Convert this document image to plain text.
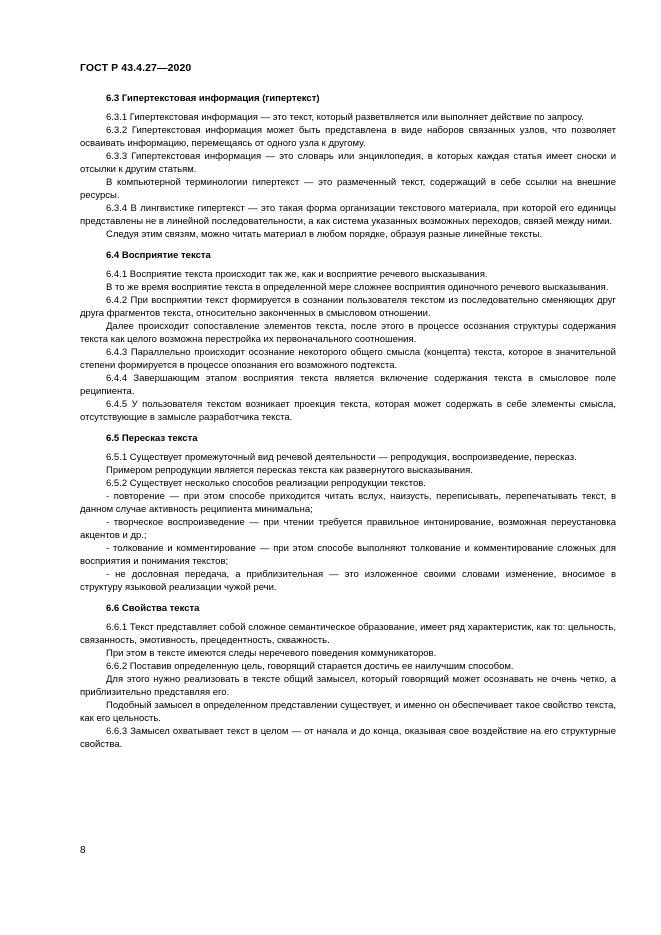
ГОСТ Р 43.4.27—2020
6.3 Гипертекстовая информация (гипертекст)

6.3.1 Гипертекстовая информация — это текст, который разветвляется или выполняет действие по запросу.

6.3.2 Гипертекстовая информация может быть представлена в виде наборов связанных узлов, что позволяет осваивать информацию, перемещаясь от одного узла к другому.

6.3.3 Гипертекстовая информация — это словарь или энциклопедия, в которых каждая статья имеет сноски и отсылки к другим статьям.

В компьютерной терминологии гипертекст — это размеченный текст, содержащий в себе ссылки на внешние ресурсы.

6.3.4 В лингвистике гипертекст — это такая форма организации текстового материала, при которой его единицы представлены не в линейной последовательности, а как система указанных возможных переходов, связей между ними.

Следуя этим связям, можно читать материал в любом порядке, образуя разные линейные тексты.

6.4 Восприятие текста

6.4.1 Восприятие текста происходит так же, как и восприятие речевого высказывания.

В то же время восприятие текста в определенной мере сложнее восприятия одиночного речевого высказывания.

6.4.2 При восприятии текст формируется в сознании пользователя текстом из последовательно сменяющих друг друга фрагментов текста, относительно законченных в смысловом отношении.

Далее происходит сопоставление элементов текста, после этого в процессе осознания структуры содержания текста как целого возможна перестройка их первоначального соотношения.

6.4.3 Параллельно происходит осознание некоторого общего смысла (концепта) текста, которое в значительной степени формируется в процессе опознания его возможного подтекста.

6.4.4 Завершающим этапом восприятия текста является включение содержания текста в смысловое поле реципиента.

6.4.5 У пользователя текстом возникает проекция текста, которая может содержать в себе элементы смысла, отсутствующие в замысле разработчика текста.

6.5 Пересказ текста

6.5.1 Существует промежуточный вид речевой деятельности — репродукция, воспроизведение, пересказ.

Примером репродукции является пересказ текста как развернутого высказывания.

6.5.2 Существует несколько способов реализации репродукции текстов.

- повторение — при этом способе приходится читать вслух, наизусть, переписывать, перепечатывать текст, в данном случае активность реципиента минимальна;

- творческое воспроизведение — при чтении требуется правильное интонирование, возможная переустановка акцентов и др.;

- толкование и комментирование — при этом способе выполняют толкование и комментирование сложных для восприятия и понимания текстов;

- не дословная передача, а приблизительная — это изложенное своими словами изменение, вносимое в структуру языковой реализации чужой речи.

6.6 Свойства текста

6.6.1 Текст представляет собой сложное семантическое образование, имеет ряд характеристик, как то: цельность, связанность, эмотивность, прецедентность, скважность.

При этом в тексте имеются следы неречевого поведения коммуникаторов.

6.6.2 Поставив определенную цель, говорящий старается достичь ее наилучшим способом.

Для этого нужно реализовать в тексте общий замысел, который говорящий может осознавать не очень четко, а приблизительно представляя его.

Подобный замысел в определенном представлении существует, и именно он обеспечивает такое свойство текста, как его цельность.

6.6.3 Замысел охватывает текст в целом — от начала и до конца, оказывая свое воздействие на его структурные свойства.

8
